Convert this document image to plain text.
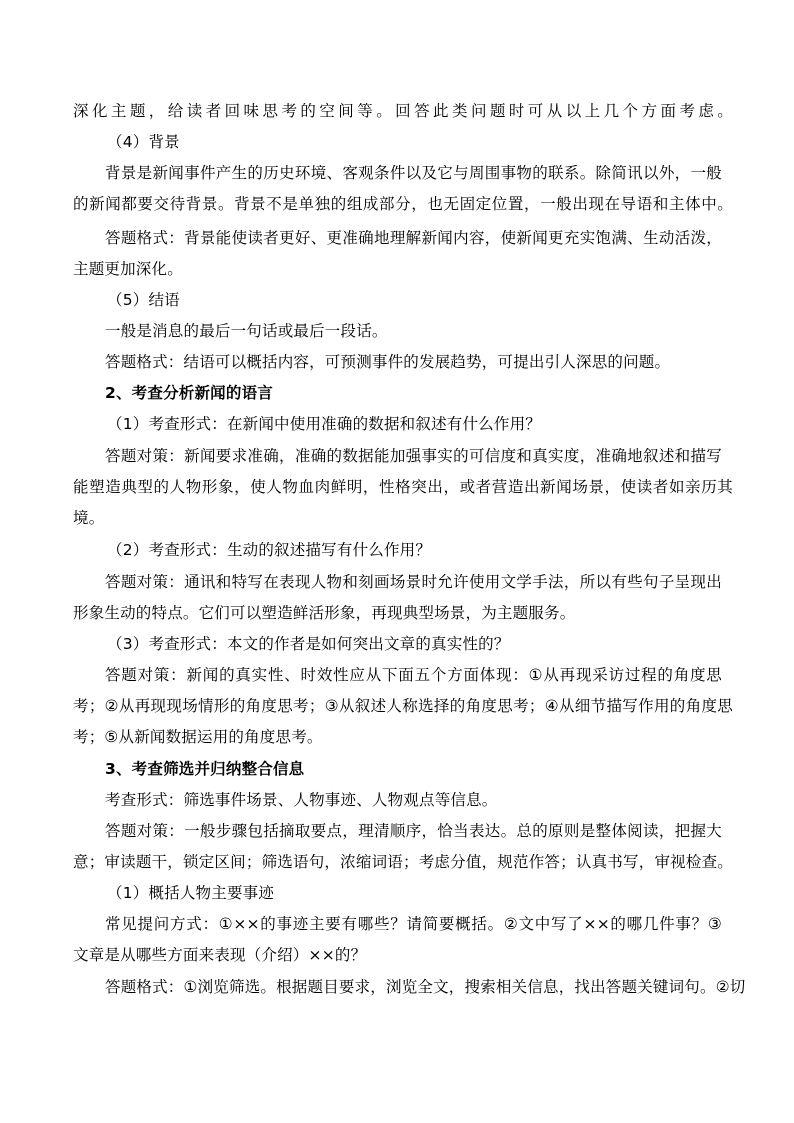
深化主题，给读者回味思考的空间等。回答此类问题时可从以上几个方面考虑。
（4）背景
背景是新闻事件产生的历史环境、客观条件以及它与周围事物的联系。除简讯以外，一般
的新闻都要交待背景。背景不是单独的组成部分，也无固定位置，一般出现在导语和主体中。
答题格式：背景能使读者更好、更准确地理解新闻内容，使新闻更充实饱满、生动活泼，
主题更加深化。
（5）结语
一般是消息的最后一句话或最后一段话。
答题格式：结语可以概括内容，可预测事件的发展趋势，可提出引人深思的问题。
2、考查分析新闻的语言
（1）考查形式：在新闻中使用准确的数据和叙述有什么作用？
答题对策：新闻要求准确，准确的数据能加强事实的可信度和真实度，准确地叙述和描写
能塑造典型的人物形象，使人物血肉鲜明，性格突出，或者营造出新闻场景，使读者如亲历其
境。
（2）考查形式：生动的叙述描写有什么作用？
答题对策：通讯和特写在表现人物和刻画场景时允许使用文学手法，所以有些句子呈现出
形象生动的特点。它们可以塑造鲜活形象，再现典型场景，为主题服务。
（3）考查形式：本文的作者是如何突出文章的真实性的？
答题对策：新闻的真实性、时效性应从下面五个方面体现：①从再现采访过程的角度思
考；②从再现现场情形的角度思考；③从叙述人称选择的角度思考；④从细节描写作用的角度思
考；⑤从新闻数据运用的角度思考。
3、考查筛选并归纳整合信息
考查形式：筛选事件场景、人物事迹、人物观点等信息。
答题对策：一般步骤包括摘取要点，理清顺序，恰当表达。总的原则是整体阅读，把握大
意；审读题干，锁定区间；筛选语句，浓缩词语；考虑分值，规范作答；认真书写，审视检查。
（1）概括人物主要事迹
常见提问方式：①××的事迹主要有哪些？请简要概括。②文中写了××的哪几件事？③
文章是从哪些方面来表现（介绍）××的？
答题格式：①浏览筛选。根据题目要求，浏览全文，搜索相关信息，找出答题关键词句。②切
